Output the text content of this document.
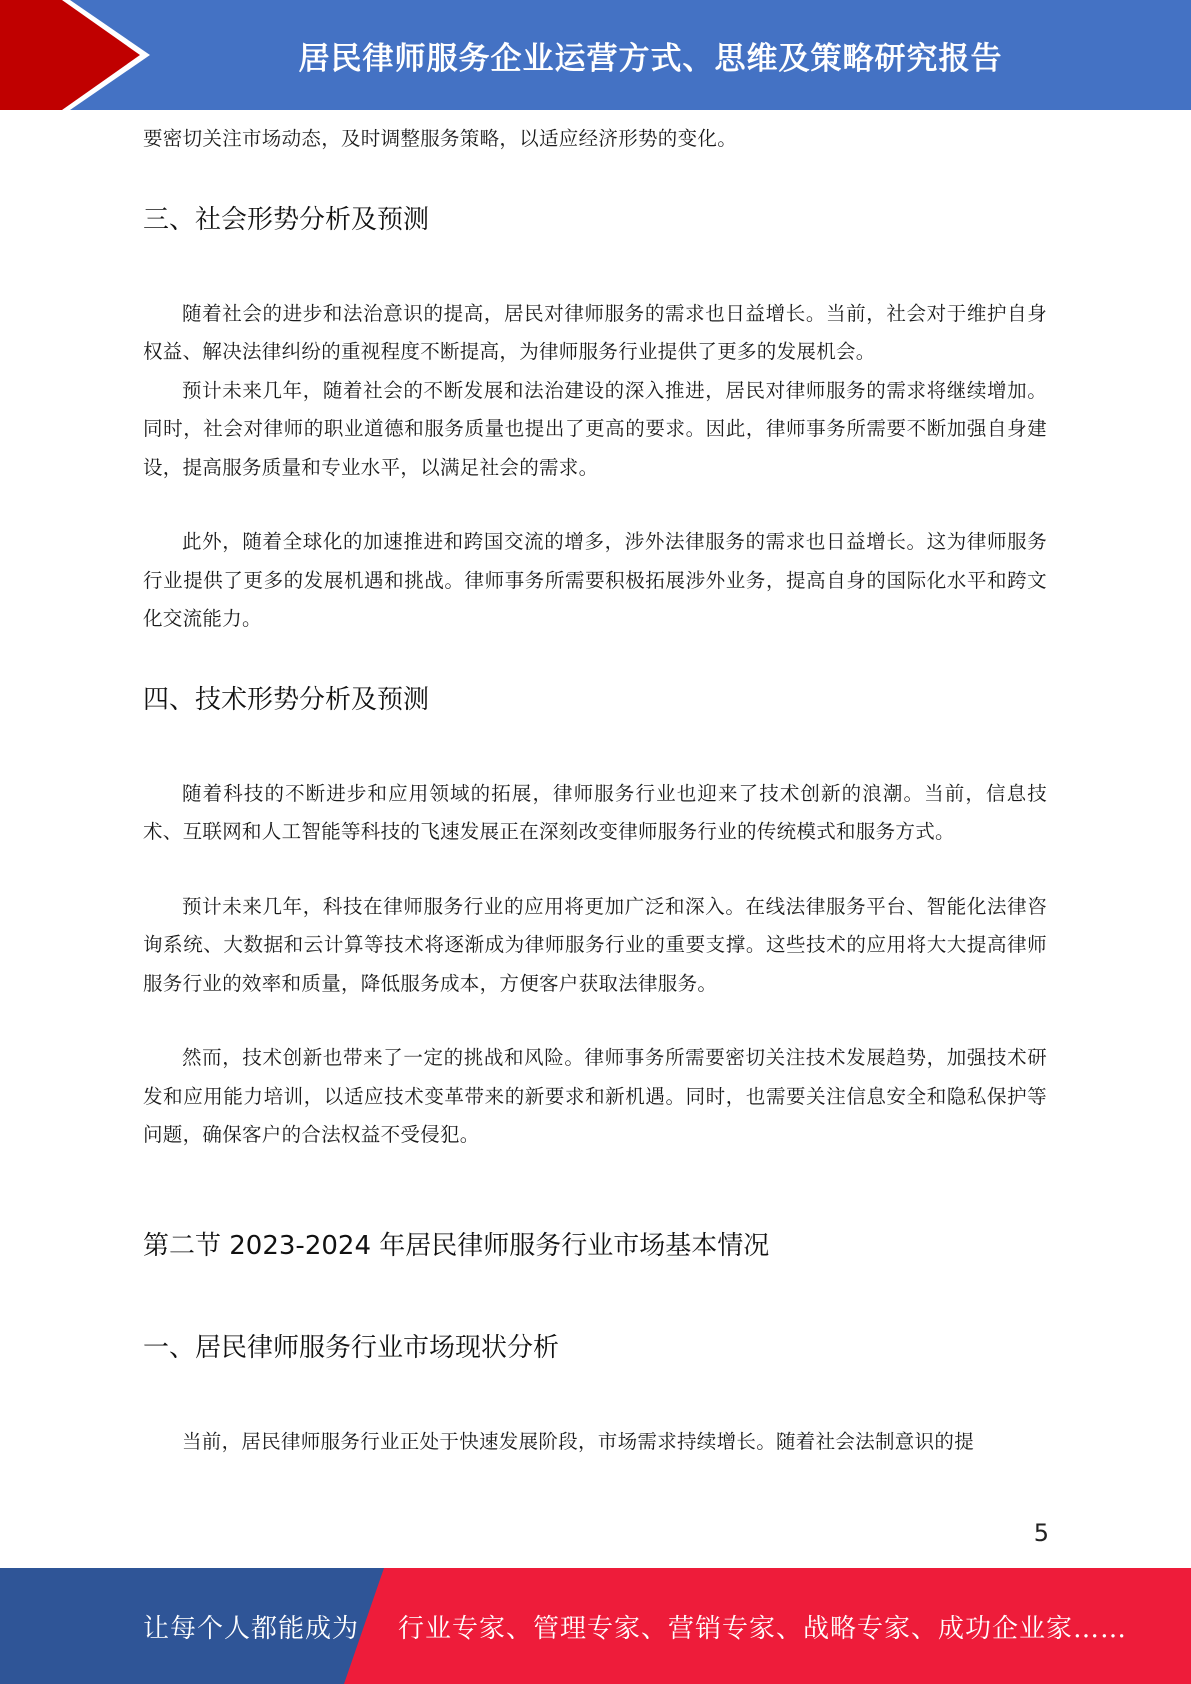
居民律师服务企业运营方式、思维及策略研究报告

要密切关注市场动态，及时调整服务策略，以适应经济形势的变化。

三、社会形势分析及预测

随着社会的进步和法治意识的提高，居民对律师服务的需求也日益增长。当前，社会对于维护自身权益、解决法律纠纷的重视程度不断提高，为律师服务行业提供了更多的发展机会。

预计未来几年，随着社会的不断发展和法治建设的深入推进，居民对律师服务的需求将继续增加。同时，社会对律师的职业道德和服务质量也提出了更高的要求。因此，律师事务所需要不断加强自身建设，提高服务质量和专业水平，以满足社会的需求。

此外，随着全球化的加速推进和跨国交流的增多，涉外法律服务的需求也日益增长。这为律师服务行业提供了更多的发展机遇和挑战。律师事务所需要积极拓展涉外业务，提高自身的国际化水平和跨文化交流能力。

四、技术形势分析及预测

随着科技的不断进步和应用领域的拓展，律师服务行业也迎来了技术创新的浪潮。当前，信息技术、互联网和人工智能等科技的飞速发展正在深刻改变律师服务行业的传统模式和服务方式。

预计未来几年，科技在律师服务行业的应用将更加广泛和深入。在线法律服务平台、智能化法律咨询系统、大数据和云计算等技术将逐渐成为律师服务行业的重要支撑。这些技术的应用将大大提高律师服务行业的效率和质量，降低服务成本，方便客户获取法律服务。

然而，技术创新也带来了一定的挑战和风险。律师事务所需要密切关注技术发展趋势，加强技术研发和应用能力培训，以适应技术变革带来的新要求和新机遇。同时，也需要关注信息安全和隐私保护等问题，确保客户的合法权益不受侵犯。

第二节 2023-2024 年居民律师服务行业市场基本情况
一、居民律师服务行业市场现状分析

当前，居民律师服务行业正处于快速发展阶段，市场需求持续增长。随着社会法制意识的提

5
让每个人都能成为 行业专家、管理专家、营销专家、战略专家、成功企业家……
